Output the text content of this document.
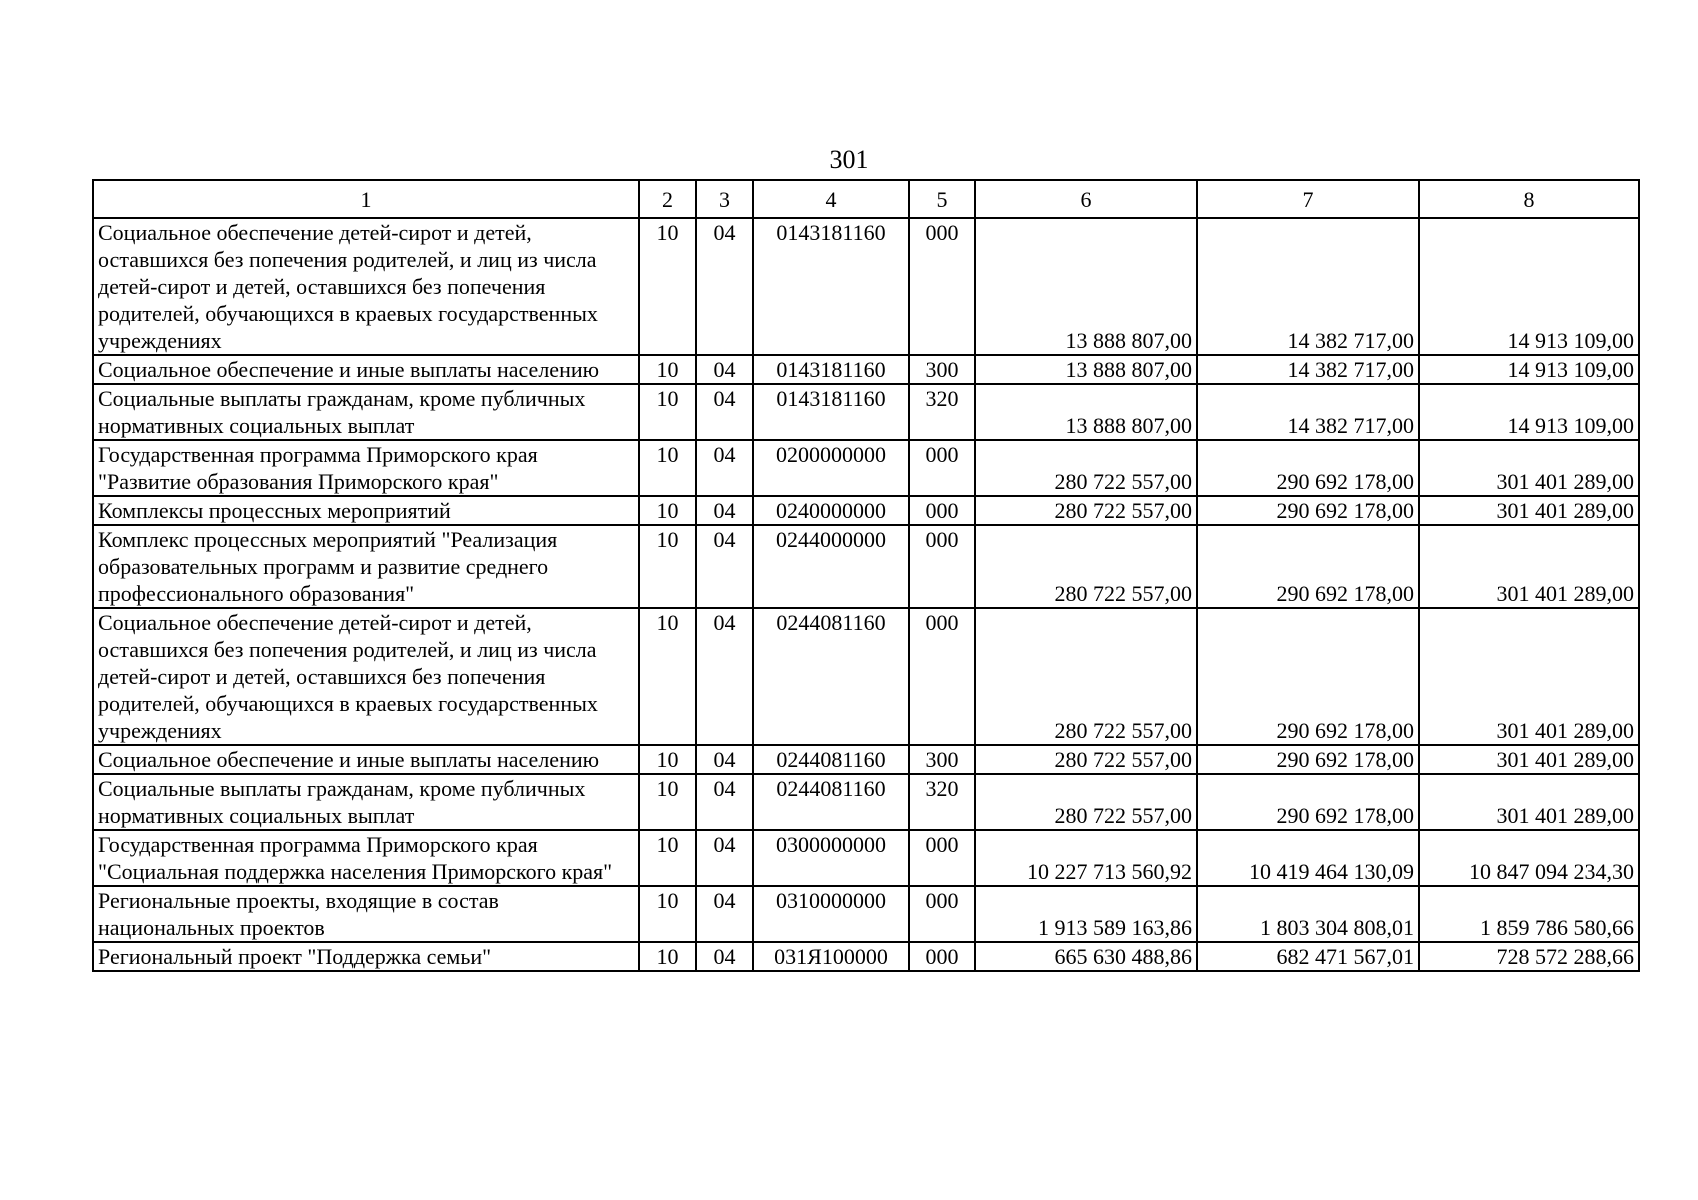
301
1	2	3	4	5	6	7	8
Социальное обеспечение детей-сирот и детей, оставшихся без попечения родителей, и лиц из числа детей-сирот и детей, оставшихся без попечения родителей, обучающихся в краевых государственных учреждениях	10	04	0143181160	000	13 888 807,00	14 382 717,00	14 913 109,00
Социальное обеспечение и иные выплаты населению	10	04	0143181160	300	13 888 807,00	14 382 717,00	14 913 109,00
Социальные выплаты гражданам, кроме публичных нормативных социальных выплат	10	04	0143181160	320	13 888 807,00	14 382 717,00	14 913 109,00
Государственная программа Приморского края "Развитие образования Приморского края"	10	04	0200000000	000	280 722 557,00	290 692 178,00	301 401 289,00
Комплексы процессных мероприятий	10	04	0240000000	000	280 722 557,00	290 692 178,00	301 401 289,00
Комплекс процессных мероприятий "Реализация образовательных программ и развитие среднего профессионального образования"	10	04	0244000000	000	280 722 557,00	290 692 178,00	301 401 289,00
Социальное обеспечение детей-сирот и детей, оставшихся без попечения родителей, и лиц из числа детей-сирот и детей, оставшихся без попечения родителей, обучающихся в краевых государственных учреждениях	10	04	0244081160	000	280 722 557,00	290 692 178,00	301 401 289,00
Социальное обеспечение и иные выплаты населению	10	04	0244081160	300	280 722 557,00	290 692 178,00	301 401 289,00
Социальные выплаты гражданам, кроме публичных нормативных социальных выплат	10	04	0244081160	320	280 722 557,00	290 692 178,00	301 401 289,00
Государственная программа Приморского края "Социальная поддержка населения Приморского края"	10	04	0300000000	000	10 227 713 560,92	10 419 464 130,09	10 847 094 234,30
Региональные проекты, входящие в состав национальных проектов	10	04	0310000000	000	1 913 589 163,86	1 803 304 808,01	1 859 786 580,66
Региональный проект "Поддержка семьи"	10	04	031Я100000	000	665 630 488,86	682 471 567,01	728 572 288,66
